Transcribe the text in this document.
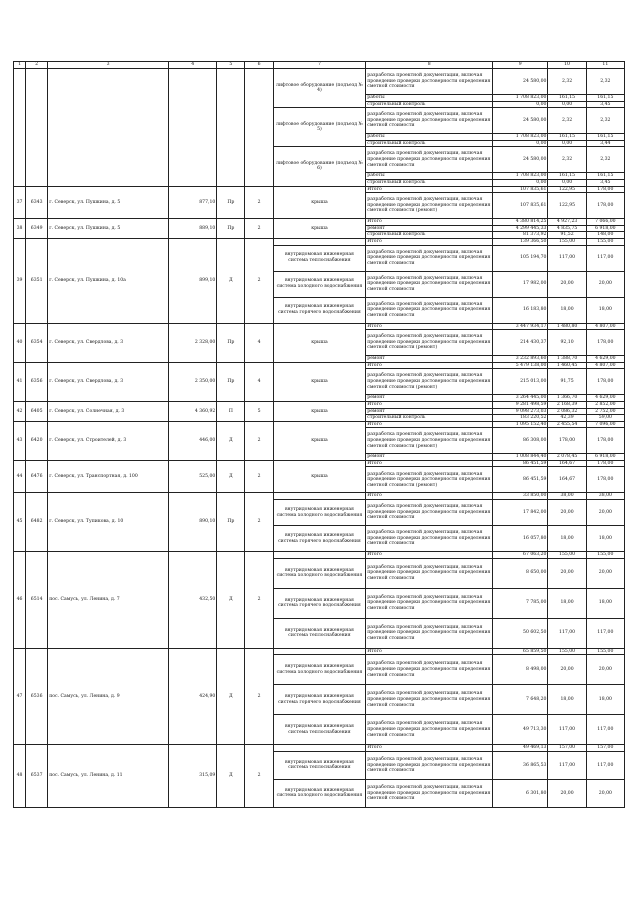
1	2	3	4	5	6	7	8	9	10	11
						лифтовое оборудование (подъезд № 4)	разработка проектной документации, включая проведение проверки достоверности определения сметной стоимости	24 580,00	2,32	2,32
							работы	1 708 823,00	161,15	161,15
							строительный контроль	0,00	0,00	3,45
						лифтовое оборудование (подъезд № 5)	разработка проектной документации, включая проведение проверки достоверности определения сметной стоимости	24 580,00	2,32	2,32
							работы	1 708 823,00	161,15	161,15
							строительный контроль	0,00	0,00	3,44
						лифтовое оборудование (подъезд № 6)	разработка проектной документации, включая проведение проверки достоверности определения сметной стоимости	24 580,00	2,32	2,32
							работы	1 708 823,00	161,15	161,15
							строительный контроль	0,00	0,00	3,45
37	6343	г. Северск, ул. Пушкина, д. 5	877,10	Пр	2	крыша	Итого	107 835,61	122,95	178,00
							разработка проектной документации, включая проведение проверки достоверности определения сметной стоимости (ремонт)	107 835,61	122,95	178,00
38	6349	г. Северск, ул. Пушкина, д. 5	889,10	Пр	2	крыша	Итого	4 380 814,25	4 927,23	7 066,00
							ремонт	4 299 445,33	4 835,75	6 918,00
							строительный контроль	81 373,92	91,52	148,00
39	6351	г. Северск, ул. Пушкина, д. 10а	899,10	Д	2		Итого	139 366,50	155,00	155,00
						внутридомовая инженерная система теплоснабжения	разработка проектной документации, включая проведение проверки достоверности определения сметной стоимости	105 194,70	117,00	117,00
						внутридомовая инженерная система холодного водоснабжения	разработка проектной документации, включая проведение проверки достоверности определения сметной стоимости	17 982,00	20,00	20,00
						внутридомовая инженерная система горячего водоснабжения	разработка проектной документации, включая проведение проверки достоверности определения сметной стоимости	16 183,80	18,00	18,00
40	6354	г. Северск, ул. Свердлова, д. 3	2 328,00	Пр	4	крыша	Итого	3 447 934,17	1 480,80	4 807,00
							разработка проектной документации, включая проведение проверки достоверности определения сметной стоимости (ремонт)	214 430,37	92,10	178,00
							ремонт	3 232 893,60	1 388,70	4 629,00
41	6356	г. Северск, ул. Свердлова, д. 3	2 350,00	Пр	4	крыша	Итого	5 479 138,00	1 460,45	4 807,00
							разработка проектной документации, включая проведение проверки достоверности определения сметной стоимости (ремонт)	215 013,00	91,75	178,00
							ремонт	3 264 445,00	1 366,70	4 629,00
42	6405	г. Северск, ул. Солнечная, д. 3	4 360,92	П	5	крыша	Итого	9 281 498,59	2 168,39	2 852,00
							ремонт	9 098 273,03	2 086,32	2 752,00
							строительный контроль	183 220,52	42,39	59,00
43	6420	г. Северск, ул. Строителей, д. 3	446,00	Д	2	крыша	Итого	1 095 152,40	2 455,54	7 096,00
							разработка проектной документации, включая проведение проверки достоверности определения сметной стоимости (ремонт)	86 308,00	178,00	178,00
							ремонт	1 008 844,40	2 078,45	6 918,00
44	6476	г. Северск, ул. Транспортная, д. 100	525,00	Д	2	крыша	Итого	86 451,59	164,67	178,00
							разработка проектной документации, включая проведение проверки достоверности определения сметной стоимости (ремонт)	86 451,59	164,67	178,00
45	6482	г. Северск, ул. Тупикова, д. 10	890,10	Пр	2		Итого	33 850,00	38,00	38,00
						внутридомовая инженерная система холодного водоснабжения	разработка проектной документации, включая проведение проверки достоверности определения сметной стоимости	17 842,00	20,00	20,00
						внутридомовая инженерная система горячего водоснабжения	разработка проектной документации, включая проведение проверки достоверности определения сметной стоимости	16 057,80	18,00	18,00
46	6514	пос. Самусь, ул. Ленина, д. 7	432,50	Д	2		Итого	67 063,20	155,00	155,00
						внутридомовая инженерная система холодного водоснабжения	разработка проектной документации, включая проведение проверки достоверности определения сметной стоимости	8 650,00	20,00	20,00
						внутридомовая инженерная система горячего водоснабжения	разработка проектной документации, включая проведение проверки достоверности определения сметной стоимости	7 785,00	18,00	18,00
						внутридомовая инженерная система теплоснабжения	разработка проектной документации, включая проведение проверки достоверности определения сметной стоимости	50 602,50	117,00	117,00
47	6536	пос. Самусь, ул. Ленина, д. 9	424,90	Д	2		Итого	65 859,50	155,00	155,00
						внутридомовая инженерная система холодного водоснабжения	разработка проектной документации, включая проведение проверки достоверности определения сметной стоимости	8 498,00	20,00	20,00
						внутридомовая инженерная система горячего водоснабжения	разработка проектной документации, включая проведение проверки достоверности определения сметной стоимости	7 648,20	18,00	18,00
						внутридомовая инженерная система теплоснабжения	разработка проектной документации, включая проведение проверки достоверности определения сметной стоимости	49 713,30	117,00	117,00
48	6537	пос. Самусь, ул. Ленина, д. 11	315,09	Д	2		Итого	49 469,13	157,00	157,00
						внутридомовая инженерная система теплоснабжения	разработка проектной документации, включая проведение проверки достоверности определения сметной стоимости	36 865,53	117,00	117,00
						внутридомовая инженерная система холодного водоснабжения	разработка проектной документации, включая проведение проверки достоверности определения сметной стоимости	6 301,80	20,00	20,00
